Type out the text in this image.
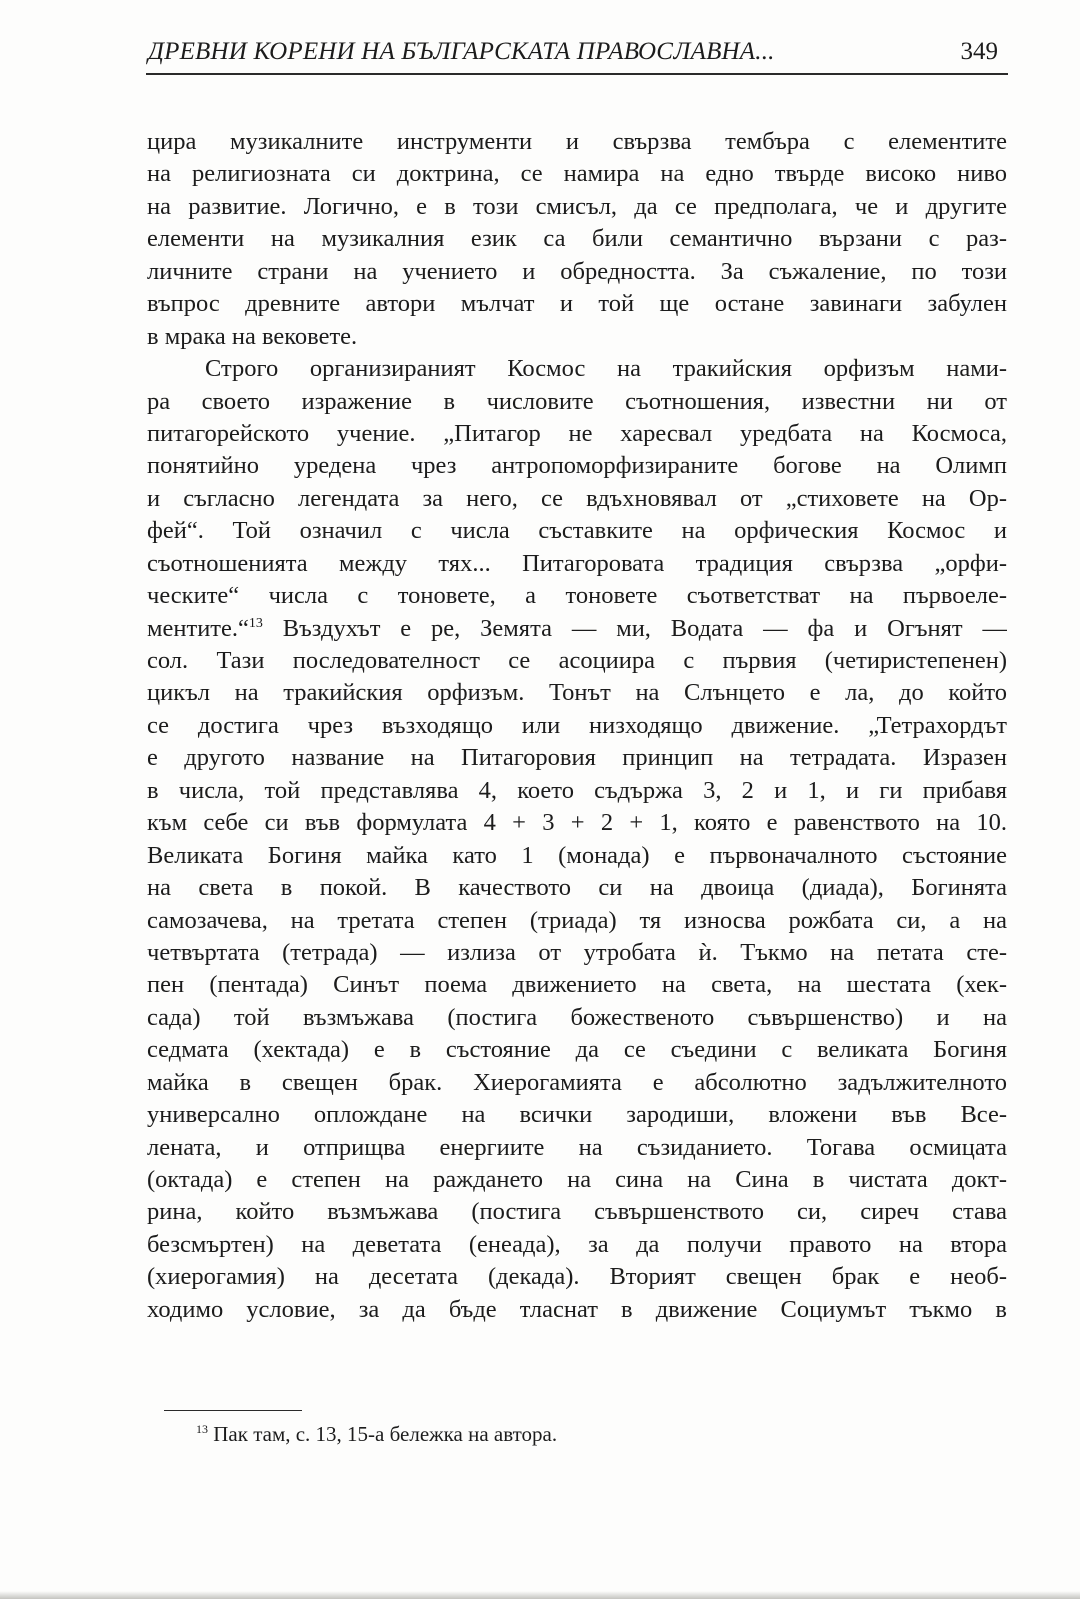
ДРЕВНИ КОРЕНИ НА БЪЛГАРСКАТА ПРАВОСЛАВНА...	349
цира музикалните инструменти и свързва тембъра с елементите
на религиозната си доктрина, се намира на едно твърде високо ниво
на развитие. Логично, е в този смисъл, да се предполага, че и другите
елементи на музикалния език са били семантично вързани с раз-
личните страни на учението и обредността. За съжаление, по този
въпрос древните автори мълчат и той ще остане завинаги забулен
в мрака на вековете.
Строго организираният Космос на тракийския орфизъм нами-
ра своето изражение в числовите съотношения, известни ни от
питагорейското учение. „Питагор не харесвал уредбата на Космоса,
понятийно уредена чрез антропоморфизираните богове на Олимп
и съгласно легендата за него, се вдъхновявал от „стиховете на Ор-
фей“. Той означил с числа съставките на орфическия Космос и
съотношенията между тях... Питагоровата традиция свързва „орфи-
ческите“ числа с тоновете, а тоновете съответстват на първоеле-
ментите.“$^{13}$ Въздухът е ре, Земята — ми, Водата — фа и Огънят —
сол. Тази последователност се асоциира с първия (четиристепенен)
цикъл на тракийския орфизъм. Тонът на Слънцето е ла, до който
се достига чрез възходящо или низходящо движение. „Тетрахордът
е другото название на Питагоровия принцип на тетрадата. Изразен
в числа, той представлява 4, което съдържа 3, 2 и 1, и ги прибавя
към себе си във формулата 4 + 3 + 2 + 1, която е равенството на 10.
Великата Богиня майка като 1 (монада) е първоначалното състояние
на света в покой. В качеството си на двоица (диада), Богинята
самозачева, на третата степен (триада) тя износва рожбата си, а на
четвъртата (тетрада) — излиза от утробата ѝ. Тъкмо на петата сте-
пен (пентада) Синът поема движението на света, на шестата (хек-
сада) той възмъжава (постига божественото съвършенство) и на
седмата (хектада) е в състояние да се съедини с великата Богиня
майка в свещен брак. Хиерогамията е абсолютно задължителното
универсално оплождане на всички зародиши, вложени във Все-
лената, и отприщва енергиите на съзиданието. Тогава осмицата
(октада) е степен на раждането на сина на Сина в чистата докт-
рина, който възмъжава (постига съвършенството си, сиреч става
безсмъртен) на деветата (енеада), за да получи правото на втора
(хиерогамия) на десетата (декада). Вторият свещен брак е необ-
ходимо условие, за да бъде тласнат в движение Социумът тъкмо в
$^{13}$ Пак там, с. 13, 15-а бележка на автора.
